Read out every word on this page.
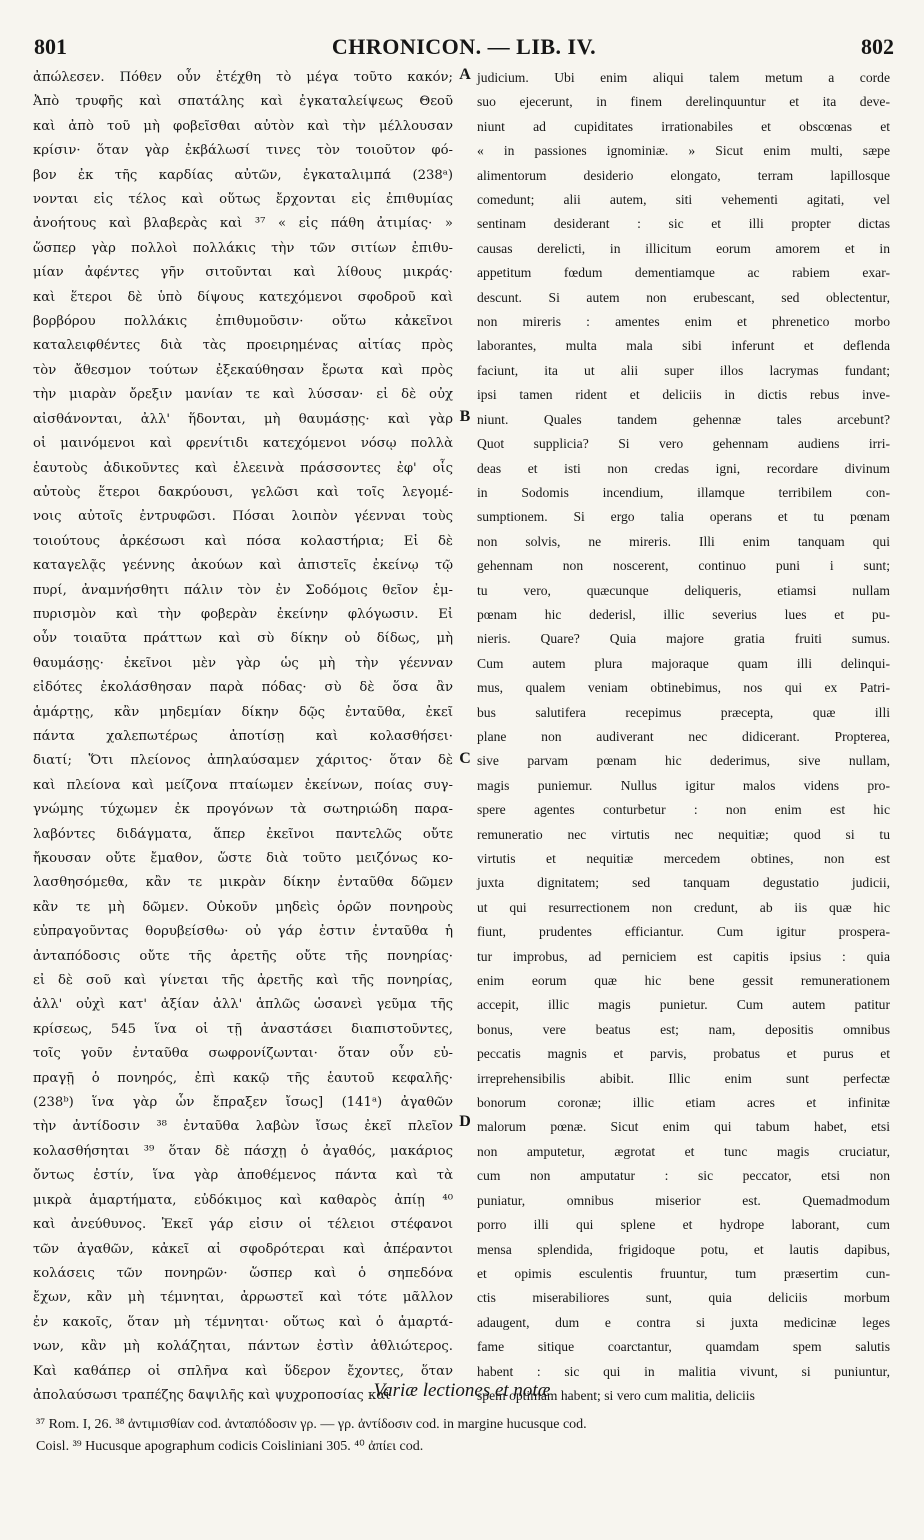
801	CHRONICON. — LIB. IV.	802
ἀπώλεσεν. Πόθεν οὖν ἐτέχθη τὸ μέγα τοῦτο κακόν;
Ἀπὸ τρυφῆς καὶ σπατάλης καὶ ἐγκαταλείψεως Θεοῦ
καὶ ἀπὸ τοῦ μὴ φοβεῖσθαι αὐτὸν καὶ τὴν μέλλουσαν
κρίσιν· ὅταν γὰρ ἐκβάλωσί τινες τὸν τοιοῦτον φό-
βον ἐκ τῆς καρδίας αὐτῶν, ἐγκαταλιμπά (238ᵃ)
νονται εἰς τέλος καὶ οὕτως ἔρχονται εἰς ἐπιθυμίας
ἀνοήτους καὶ βλαβερὰς καὶ ³⁷ « εἰς πάθη ἀτιμίας· »
ὥσπερ γὰρ πολλοὶ πολλάκις τὴν τῶν σιτίων ἐπιθυ-
μίαν ἀφέντες γῆν σιτοῦνται καὶ λίθους μικράς·
καὶ ἕτεροι δὲ ὑπὸ δίψους κατεχόμενοι σφοδροῦ καὶ
βορβόρου πολλάκις ἐπιθυμοῦσιν· οὕτω κἀκεῖνοι
καταλειφθέντες διὰ τὰς προειρημένας αἰτίας πρὸς
τὸν ἄθεσμον τούτων ἐξεκαύθησαν ἔρωτα καὶ πρὸς
τὴν μιαρὰν ὄρεξιν μανίαν τε καὶ λύσσαν· εἰ δὲ οὐχ
αἰσθάνονται, ἀλλ' ἥδονται, μὴ θαυμάσῃς· καὶ γὰρ
οἱ μαινόμενοι καὶ φρενίτιδι κατεχόμενοι νόσῳ πολλὰ
ἑαυτοὺς ἀδικοῦντες καὶ ἐλεεινὰ πράσσοντες ἐφ' οἷς
αὐτοὺς ἕτεροι δακρύουσι, γελῶσι καὶ τοῖς λεγομέ-
νοις αὐτοῖς ἐντρυφῶσι. Πόσαι λοιπὸν γέενναι τοὺς
τοιούτους ἀρκέσωσι καὶ πόσα κολαστήρια; Εἰ δὲ
καταγελᾷς γεέννης ἀκούων καὶ ἀπιστεῖς ἐκείνῳ τῷ
πυρί, ἀναμνήσθητι πάλιν τὸν ἐν Σοδόμοις θεῖον ἐμ-
πυρισμὸν καὶ τὴν φοβερὰν ἐκείνην φλόγωσιν. Εἰ
οὖν τοιαῦτα πράττων καὶ σὺ δίκην οὐ δίδως, μὴ
θαυμάσῃς· ἐκεῖνοι μὲν γὰρ ὡς μὴ τὴν γέενναν
εἰδότες ἐκολάσθησαν παρὰ πόδας· σὺ δὲ ὅσα ἂν
ἁμάρτῃς, κἂν μηδεμίαν δίκην δῷς ἐνταῦθα, ἐκεῖ
πάντα χαλεπωτέρως ἀποτίσῃ καὶ κολασθήσει·
διατί; Ὅτι πλείονος ἀπηλαύσαμεν χάριτος· ὅταν δὲ
καὶ πλείονα καὶ μείζονα πταίωμεν ἐκείνων, ποίας συγ-
γνώμης τύχωμεν ἐκ προγόνων τὰ σωτηριώδη παρα-
λαβόντες διδάγματα, ἅπερ ἐκεῖνοι παντελῶς οὔτε
ἤκουσαν οὔτε ἔμαθον, ὥστε διὰ τοῦτο μειζόνως κο-
λασθησόμεθα, κἂν τε μικρὰν δίκην ἐνταῦθα δῶμεν
κἂν τε μὴ δῶμεν. Οὐκοῦν μηδεὶς ὁρῶν πονηροὺς
εὐπραγοῦντας θορυβείσθω· οὐ γάρ ἐστιν ἐνταῦθα ἡ
ἀνταπόδοσις οὔτε τῆς ἀρετῆς οὔτε τῆς πονηρίας·
εἰ δὲ σοῦ καὶ γίνεται τῆς ἀρετῆς καὶ τῆς πονηρίας,
ἀλλ' οὐχὶ κατ' ἀξίαν ἀλλ' ἁπλῶς ὡσανεὶ γεῦμα τῆς
κρίσεως, 545 ἵνα οἱ τῇ ἀναστάσει διαπιστοῦντες,
τοῖς γοῦν ἐνταῦθα σωφρονίζωνται· ὅταν οὖν εὐ-
πραγῇ ὁ πονηρός, ἐπὶ κακῷ τῆς ἑαυτοῦ κεφαλῆς·
(238ᵇ) ἵνα γὰρ ὧν ἔπραξεν ἴσως] (141ᵃ) ἀγαθῶν
τὴν ἀντίδοσιν ³⁸ ἐνταῦθα λαβὼν ἴσως ἐκεῖ πλεῖον
κολασθήσηται ³⁹ ὅταν δὲ πάσχῃ ὁ ἀγαθός, μακάριος
ὄντως ἐστίν, ἵνα γὰρ ἀποθέμενος πάντα καὶ τὰ
μικρὰ ἁμαρτήματα, εὐδόκιμος καὶ καθαρὸς ἀπίῃ ⁴⁰
καὶ ἀνεύθυνος. Ἐκεῖ γάρ εἰσιν οἱ τέλειοι στέφανοι
τῶν ἀγαθῶν, κἀκεῖ αἱ σφοδρότεραι καὶ ἀπέραντοι
κολάσεις τῶν πονηρῶν· ὥσπερ καὶ ὁ σηπεδόνα
ἔχων, κἂν μὴ τέμνηται, ἀρρωστεῖ καὶ τότε μᾶλλον
ἐν κακοῖς, ὅταν μὴ τέμνηται· οὕτως καὶ ὁ ἁμαρτά-
νων, κἂν μὴ κολάζηται, πάντων ἐστὶν ἀθλιώτερος.
Καὶ καθάπερ οἱ σπλῆνα καὶ ὕδερον ἔχοντες, ὅταν
ἀπολαύσωσι τραπέζης δαψιλῆς καὶ ψυχροποσίας καὶ
judicium. Ubi enim aliqui talem metum a corde
suo ejecerunt, in finem derelinquuntur et ita deve-
niunt ad cupiditates irrationabiles et obscœnas et
« in passiones ignominiæ. » Sicut enim multi, sæpe
alimentorum desiderio elongato, terram lapillosque
comedunt; alii autem, siti vehementi agitati, vel
sentinam desiderant : sic et illi propter dictas
causas derelicti, in illicitum eorum amorem et in
appetitum fœdum dementiamque ac rabiem exar-
descunt. Si autem non erubescant, sed oblectentur,
non mireris : amentes enim et phrenetico morbo
laborantes, multa mala sibi inferunt et deflenda
faciunt, ita ut alii super illos lacrymas fundant;
ipsi tamen rident et deliciis in dictis rebus inve-
niunt. Quales tandem gehennæ tales arcebunt?
Quot supplicia? Si vero gehennam audiens irri-
deas et isti non credas igni, recordare divinum
in Sodomis incendium, illamque terribilem con-
sumptionem. Si ergo talia operans et tu pœnam
non solvis, ne mireris. Illi enim tanquam qui
gehennam non noscerent, continuo puni i sunt;
tu vero, quæcunque deliqueris, etiamsi nullam
pœnam hic dederisl, illic severius lues et pu-
nieris. Quare? Quia majore gratia fruiti sumus.
Cum autem plura majoraque quam illi delinqui-
mus, qualem veniam obtinebimus, nos qui ex Patri-
bus salutifera recepimus præcepta, quæ illi
plane non audiverant nec didicerant. Propterea,
sive parvam pœnam hic dederimus, sive nullam,
magis puniemur. Nullus igitur malos videns pro-
spere agentes conturbetur : non enim est hic
remuneratio nec virtutis nec nequitiæ; quod si tu
virtutis et nequitiæ mercedem obtines, non est
juxta dignitatem; sed tanquam degustatio judicii,
ut qui resurrectionem non credunt, ab iis quæ hic
fiunt, prudentes efficiantur. Cum igitur prospera-
tur improbus, ad perniciem est capitis ipsius : quia
enim eorum quæ hic bene gessit remunerationem
accepit, illic magis punietur. Cum autem patitur
bonus, vere beatus est; nam, depositis omnibus
peccatis magnis et parvis, probatus et purus et
irreprehensibilis abibit. Illic enim sunt perfectæ
bonorum coronæ; illic etiam acres et infinitæ
malorum pœnæ. Sicut enim qui tabum habet, etsi
non amputetur, ægrotat et tunc magis cruciatur,
cum non amputatur : sic peccator, etsi non
puniatur, omnibus miserior est. Quemadmodum
porro illi qui splene et hydrope laborant, cum
mensa splendida, frigidoque potu, et lautis dapibus,
et opimis esculentis fruuntur, tum præsertim cun-
ctis miserabiliores sunt, quia deliciis morbum
adaugent, dum e contra si juxta medicinæ leges
fame sitique coarctantur, quamdam spem salutis
habent : sic qui in malitia vivunt, si puniuntur,
spem optimam habent; si vero cum malitia, deliciis
A
B
C
D
Variæ lectiones et notæ
³⁷ Rom. I, 26. ³⁸ ἀντιμισθίαν cod. ἀνταπόδοσιν γρ. — γρ. ἀντίδοσιν cod. in margine hucusque cod.
Coisl. ³⁹ Hucusque apographum codicis Coisliniani 305. ⁴⁰ ἀπίει cod.
